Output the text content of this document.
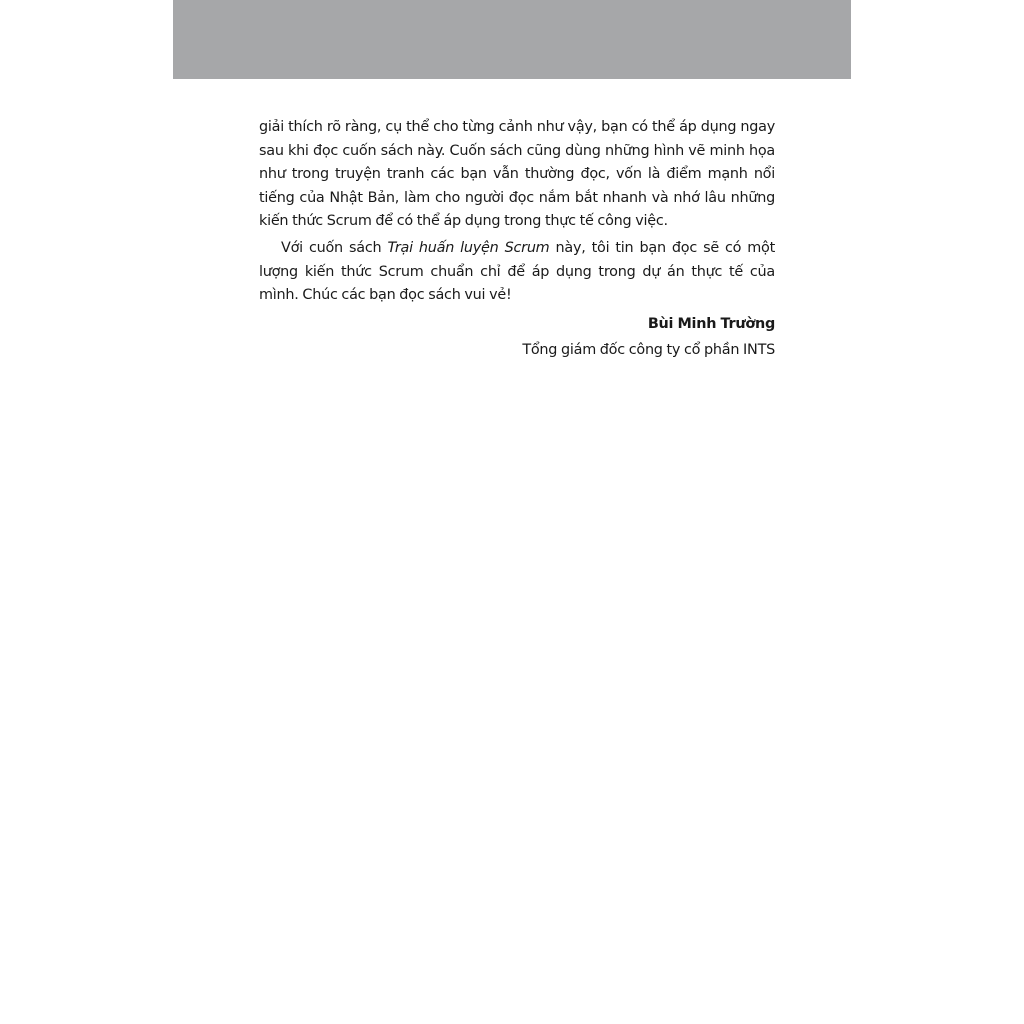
giải thích rõ ràng, cụ thể cho từng cảnh như vậy, bạn có thể áp dụng ngay sau khi đọc cuốn sách này. Cuốn sách cũng dùng những hình vẽ minh họa như trong truyện tranh các bạn vẫn thường đọc, vốn là điểm mạnh nổi tiếng của Nhật Bản, làm cho người đọc nắm bắt nhanh và nhớ lâu những kiến thức Scrum để có thể áp dụng trong thực tế công việc.

Với cuốn sách Trại huấn luyện Scrum này, tôi tin bạn đọc sẽ có một lượng kiến thức Scrum chuẩn chỉ để áp dụng trong dự án thực tế của mình. Chúc các bạn đọc sách vui vẻ!

Bùi Minh Trường

Tổng giám đốc công ty cổ phần INTS
